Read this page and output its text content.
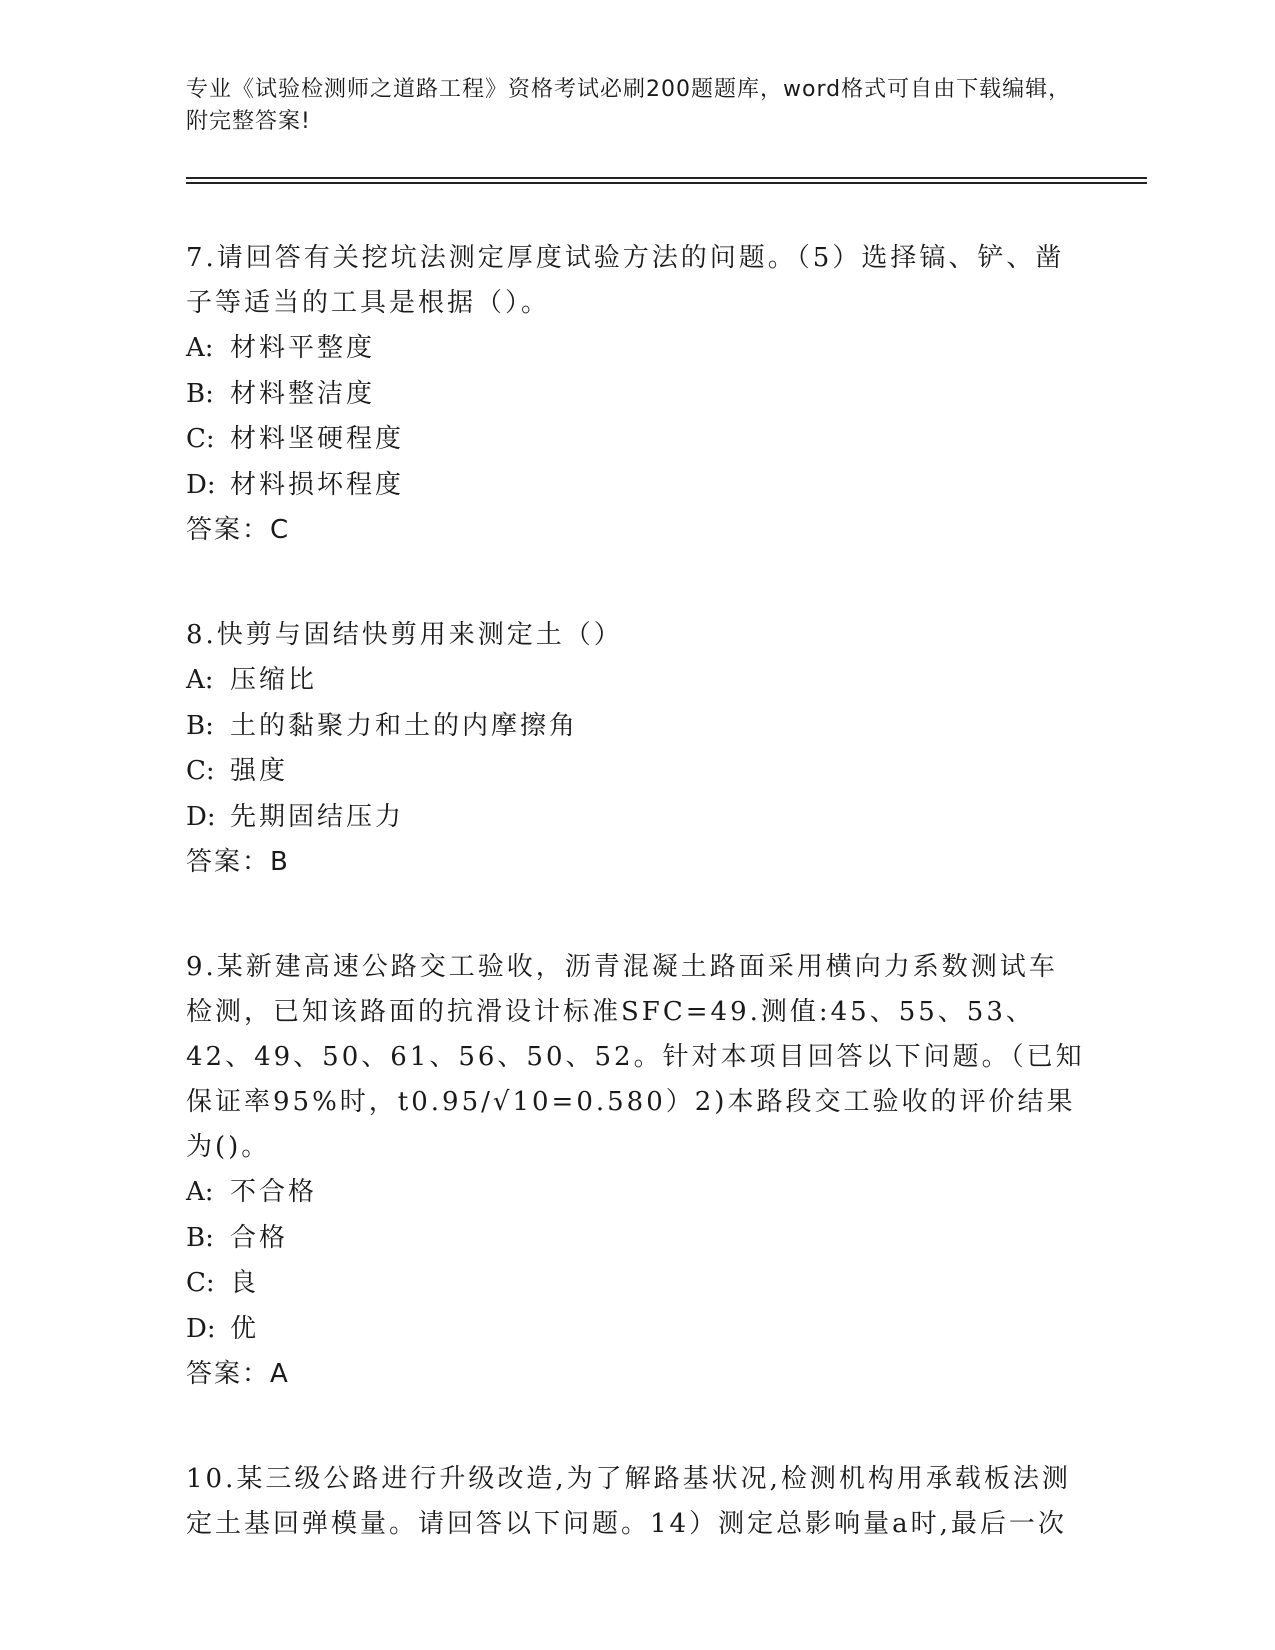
专业《试验检测师之道路工程》资格考试必刷200题题库，word格式可自由下载编辑，附完整答案!
7.请回答有关挖坑法测定厚度试验方法的问题。（5）选择镐、铲、凿子等适当的工具是根据（）。
A: 材料平整度
B: 材料整洁度
C: 材料坚硬程度
D: 材料损坏程度
答案：C
8.快剪与固结快剪用来测定土（）
A: 压缩比
B: 土的黏聚力和土的内摩擦角
C: 强度
D: 先期固结压力
答案：B
9.某新建高速公路交工验收，沥青混凝土路面采用横向力系数测试车检测，已知该路面的抗滑设计标准SFC=49.测值:45、55、53、42、49、50、61、56、50、52。针对本项目回答以下问题。（已知保证率95%时，t0.95/√10=0.580）2)本路段交工验收的评价结果为()。
A: 不合格
B: 合格
C: 良
D: 优
答案：A
10.某三级公路进行升级改造,为了解路基状况,检测机构用承载板法测定土基回弹模量。请回答以下问题。14）测定总影响量a时,最后一次
